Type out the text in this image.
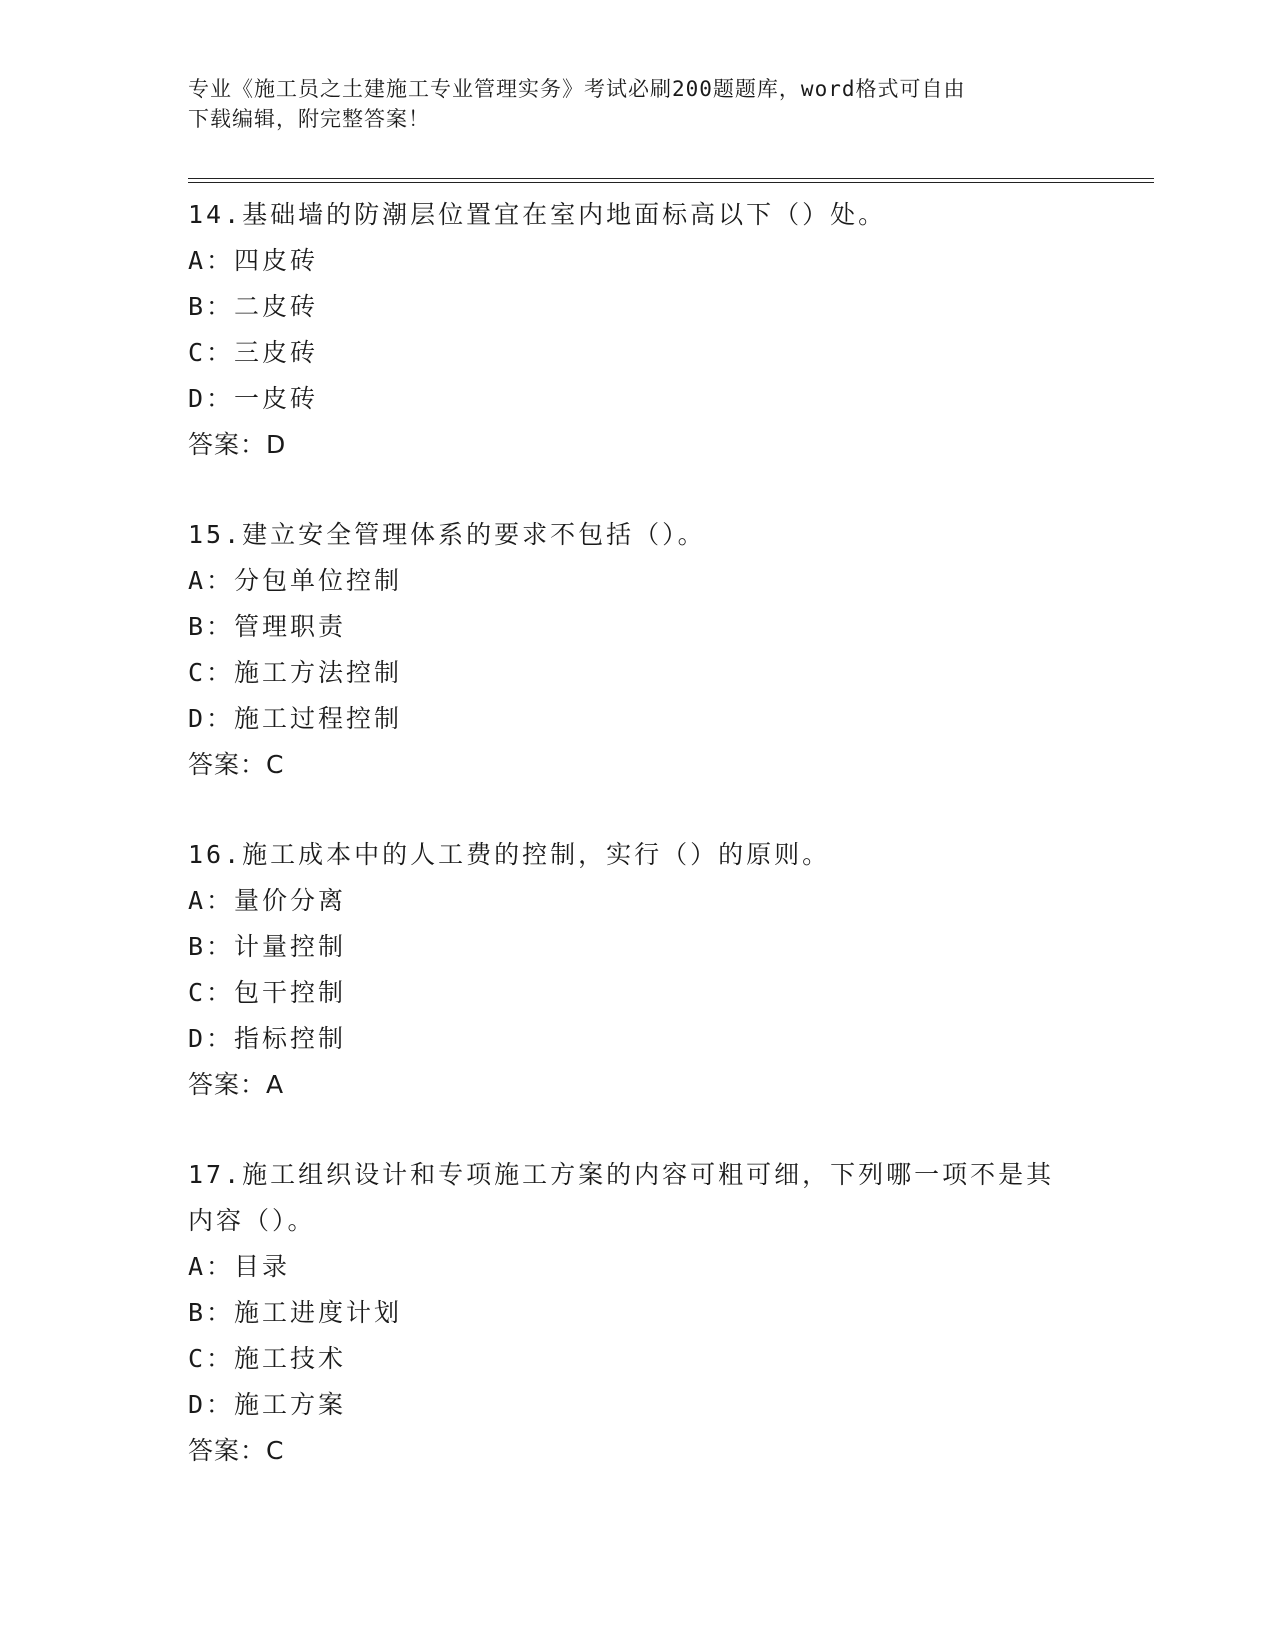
专业《施工员之土建施工专业管理实务》考试必刷200题题库，word格式可自由
下载编辑，附完整答案！
14.基础墙的防潮层位置宜在室内地面标高以下（）处。
A：四皮砖
B：二皮砖
C：三皮砖
D：一皮砖
答案：D
15.建立安全管理体系的要求不包括（）。
A：分包单位控制
B：管理职责
C：施工方法控制
D：施工过程控制
答案：C
16.施工成本中的人工费的控制，实行（）的原则。
A：量价分离
B：计量控制
C：包干控制
D：指标控制
答案：A
17.施工组织设计和专项施工方案的内容可粗可细，下列哪一项不是其
内容（）。
A：目录
B：施工进度计划
C：施工技术
D：施工方案
答案：C
